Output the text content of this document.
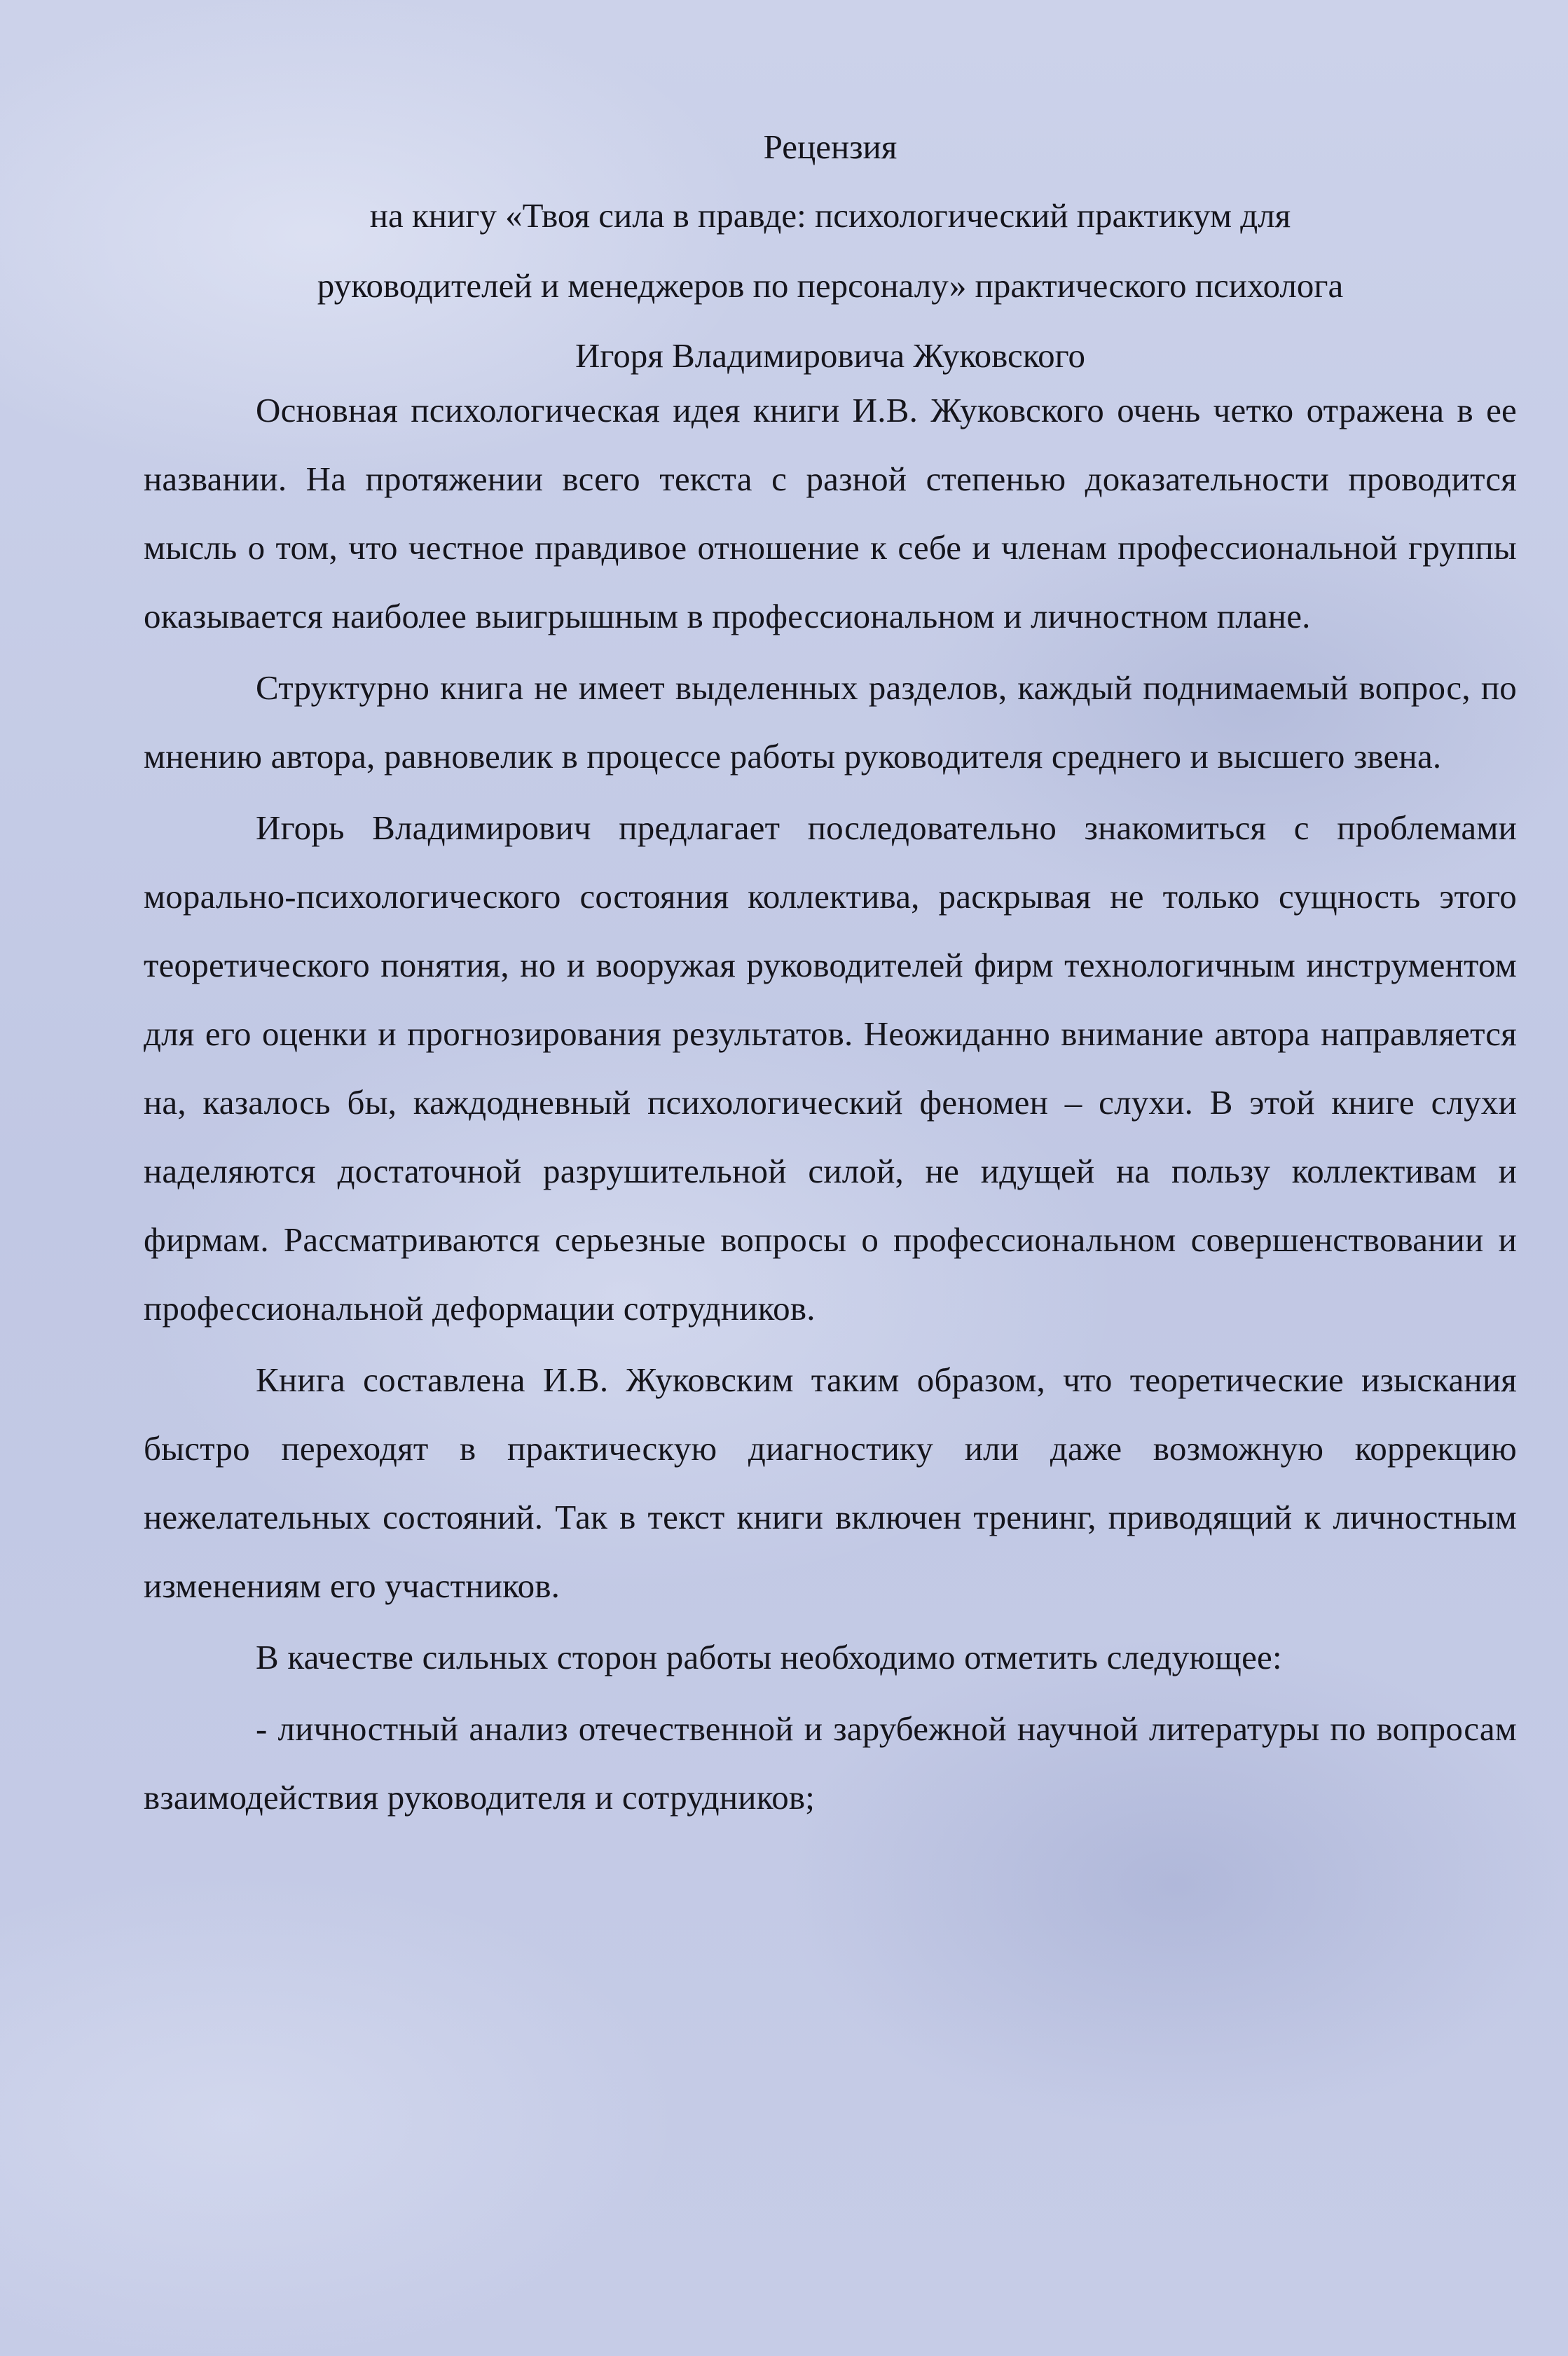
Рецензия
на книгу «Твоя сила в правде: психологический практикум для
руководителей и менеджеров по персоналу» практического психолога
Игоря Владимировича Жуковского

Основная психологическая идея книги И.В. Жуковского очень четко отражена в ее названии. На протяжении всего текста с разной степенью доказательности проводится мысль о том, что честное правдивое отношение к себе и членам профессиональной группы оказывается наиболее выигрышным в профессиональном и личностном плане.

Структурно книга не имеет выделенных разделов, каждый поднимаемый вопрос, по мнению автора, равновелик в процессе работы руководителя среднего и высшего звена.

Игорь Владимирович предлагает последовательно знакомиться с проблемами морально-психологического состояния коллектива, раскрывая не только сущность этого теоретического понятия, но и вооружая руководителей фирм технологичным инструментом для его оценки и прогнозирования результатов. Неожиданно внимание автора направляется на, казалось бы, каждодневный психологический феномен – слухи. В этой книге слухи наделяются достаточной разрушительной силой, не идущей на пользу коллективам и фирмам. Рассматриваются серьезные вопросы о профессиональном совершенствовании и профессиональной деформации сотрудников.

Книга составлена И.В. Жуковским таким образом, что теоретические изыскания быстро переходят в практическую диагностику или даже возможную коррекцию нежелательных состояний. Так в текст книги включен тренинг, приводящий к личностным изменениям его участников.

В качестве сильных сторон работы необходимо отметить следующее:

- личностный анализ отечественной и зарубежной научной литературы по вопросам взаимодействия руководителя и сотрудников;
